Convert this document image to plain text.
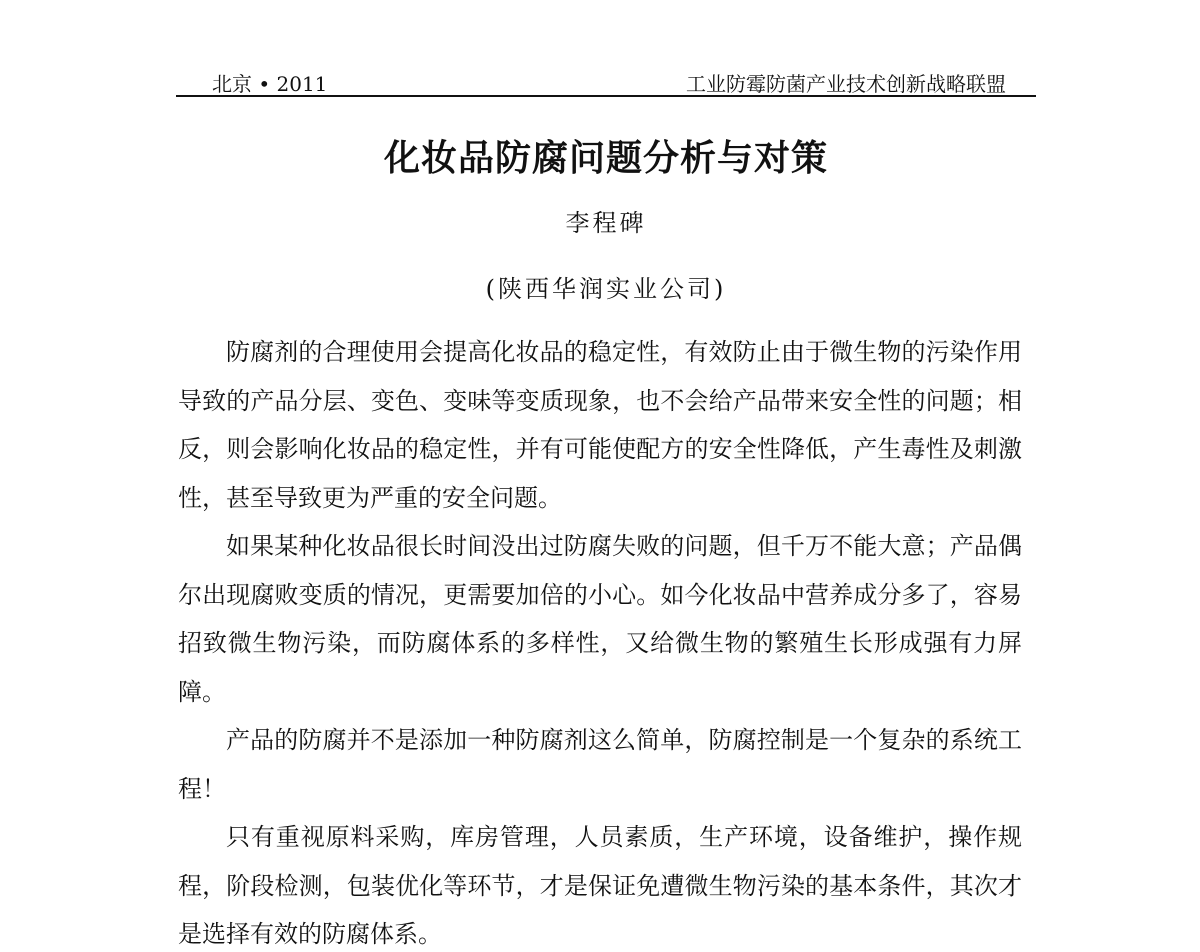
北京 • 2011	工业防霉防菌产业技术创新战略联盟
化妆品防腐问题分析与对策
李程碑
(陕西华润实业公司)

防腐剂的合理使用会提高化妆品的稳定性，有效防止由于微生物的污染作用导致的产品分层、变色、变味等变质现象，也不会给产品带来安全性的问题；相反，则会影响化妆品的稳定性，并有可能使配方的安全性降低，产生毒性及刺激性，甚至导致更为严重的安全问题。

如果某种化妆品很长时间没出过防腐失败的问题，但千万不能大意；产品偶尔出现腐败变质的情况，更需要加倍的小心。如今化妆品中营养成分多了，容易招致微生物污染，而防腐体系的多样性，又给微生物的繁殖生长形成强有力屏障。

产品的防腐并不是添加一种防腐剂这么简单，防腐控制是一个复杂的系统工程！

只有重视原料采购，库房管理，人员素质，生产环境，设备维护，操作规程，阶段检测，包装优化等环节，才是保证免遭微生物污染的基本条件，其次才是选择有效的防腐体系。
